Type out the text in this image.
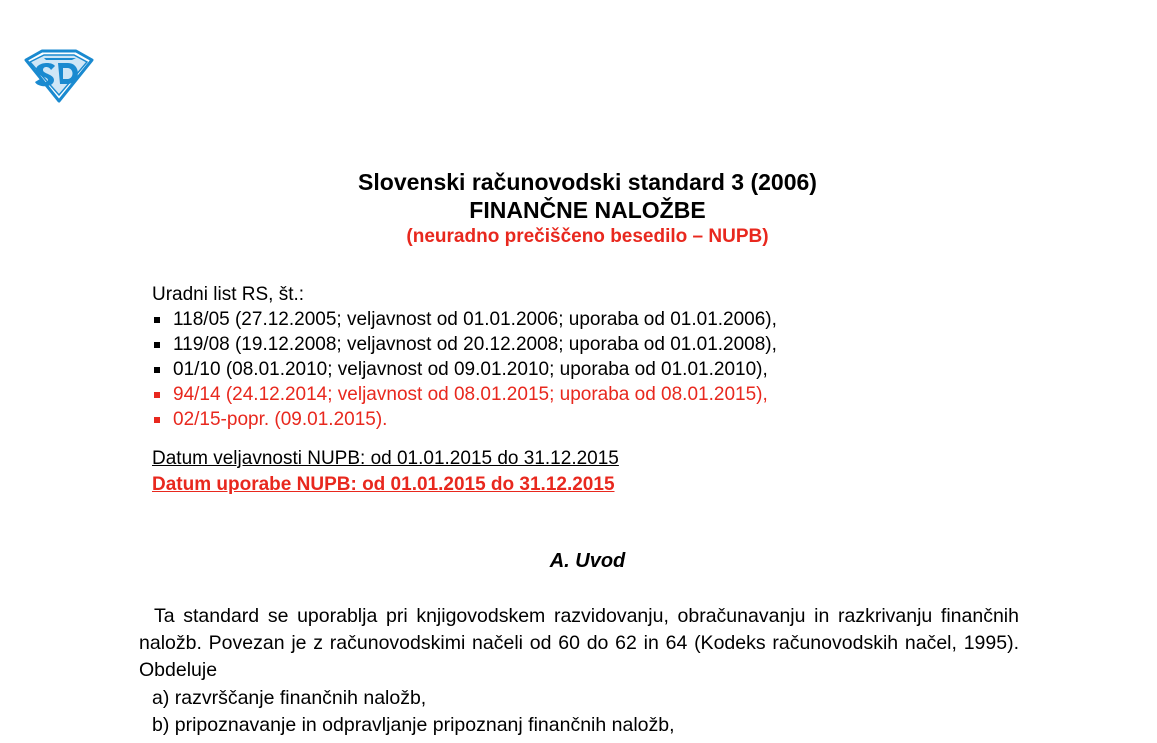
Slovenski računovodski standard 3 (2006)
FINANČNE NALOŽBE
(neuradno prečiščeno besedilo – NUPB)
Uradni list RS, št.:
118/05 (27.12.2005; veljavnost od 01.01.2006; uporaba od 01.01.2006),
119/08 (19.12.2008; veljavnost od 20.12.2008; uporaba od 01.01.2008),
01/10 (08.01.2010; veljavnost od 09.01.2010; uporaba od 01.01.2010),
94/14 (24.12.2014; veljavnost od 08.01.2015; uporaba od 08.01.2015),
02/15-popr. (09.01.2015).
Datum veljavnosti NUPB: od 01.01.2015 do 31.12.2015
Datum uporabe NUPB: od 01.01.2015 do 31.12.2015
A. Uvod

Ta standard se uporablja pri knjigovodskem razvidovanju, obračunavanju in razkrivanju finančnih naložb. Povezan je z računovodskimi načeli od 60 do 62 in 64 (Kodeks računovodskih načel, 1995). Obdeluje

a) razvrščanje finančnih naložb,
b) pripoznavanje in odpravljanje pripoznanj finančnih naložb,
